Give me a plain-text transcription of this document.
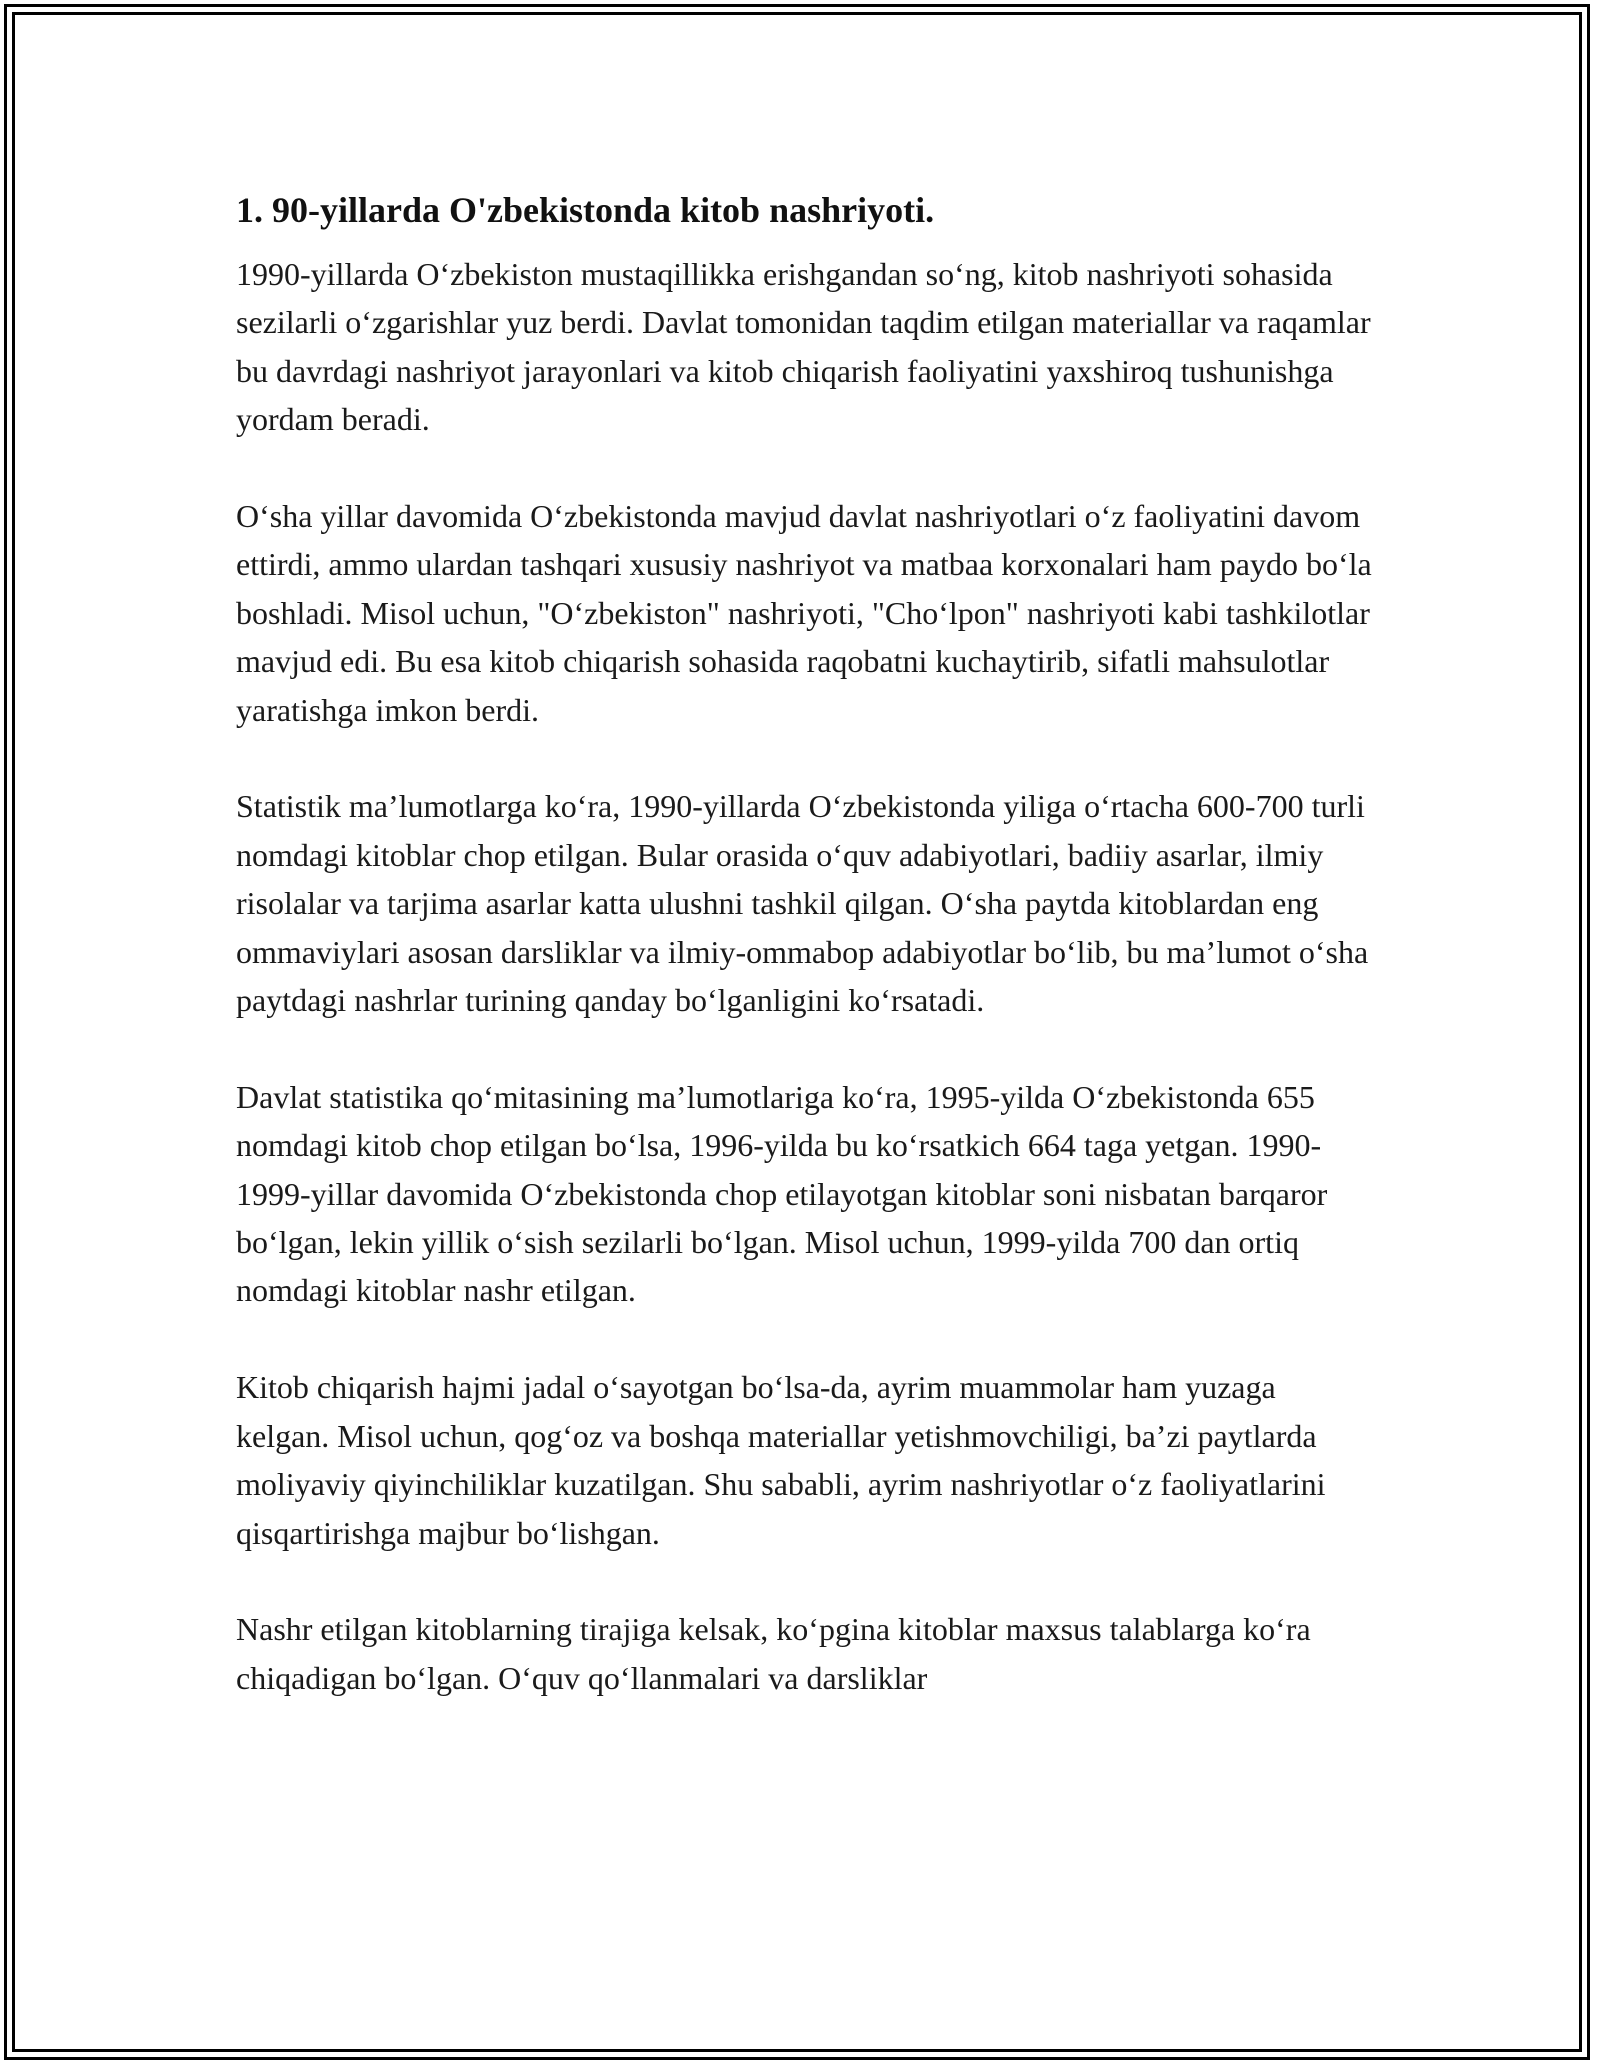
1. 90-yillarda O'zbekistonda kitob nashriyoti.

1990-yillarda O‘zbekiston mustaqillikka erishgandan so‘ng, kitob nashriyoti sohasida sezilarli o‘zgarishlar yuz berdi. Davlat tomonidan taqdim etilgan materiallar va raqamlar bu davrdagi nashriyot jarayonlari va kitob chiqarish faoliyatini yaxshiroq tushunishga yordam beradi.

O‘sha yillar davomida O‘zbekistonda mavjud davlat nashriyotlari o‘z faoliyatini davom ettirdi, ammo ulardan tashqari xususiy nashriyot va matbaa korxonalari ham paydo bo‘la boshladi. Misol uchun, "O‘zbekiston" nashriyoti, "Cho‘lpon" nashriyoti kabi tashkilotlar mavjud edi. Bu esa kitob chiqarish sohasida raqobatni kuchaytirib, sifatli mahsulotlar yaratishga imkon berdi.

Statistik ma’lumotlarga ko‘ra, 1990-yillarda O‘zbekistonda yiliga o‘rtacha 600-700 turli nomdagi kitoblar chop etilgan. Bular orasida o‘quv adabiyotlari, badiiy asarlar, ilmiy risolalar va tarjima asarlar katta ulushni tashkil qilgan. O‘sha paytda kitoblardan eng ommaviylari asosan darsliklar va ilmiy-ommabop adabiyotlar bo‘lib, bu ma’lumot o‘sha paytdagi nashrlar turining qanday bo‘lganligini ko‘rsatadi.

Davlat statistika qo‘mitasining ma’lumotlariga ko‘ra, 1995-yilda O‘zbekistonda 655 nomdagi kitob chop etilgan bo‘lsa, 1996-yilda bu ko‘rsatkich 664 taga yetgan. 1990-1999-yillar davomida O‘zbekistonda chop etilayotgan kitoblar soni nisbatan barqaror bo‘lgan, lekin yillik o‘sish sezilarli bo‘lgan. Misol uchun, 1999-yilda 700 dan ortiq nomdagi kitoblar nashr etilgan.

Kitob chiqarish hajmi jadal o‘sayotgan bo‘lsa-da, ayrim muammolar ham yuzaga kelgan. Misol uchun, qog‘oz va boshqa materiallar yetishmovchiligi, ba’zi paytlarda moliyaviy qiyinchiliklar kuzatilgan. Shu sababli, ayrim nashriyotlar o‘z faoliyatlarini qisqartirishga majbur bo‘lishgan.

Nashr etilgan kitoblarning tirajiga kelsak, ko‘pgina kitoblar maxsus talablarga ko‘ra chiqadigan bo‘lgan. O‘quv qo‘llanmalari va darsliklar
